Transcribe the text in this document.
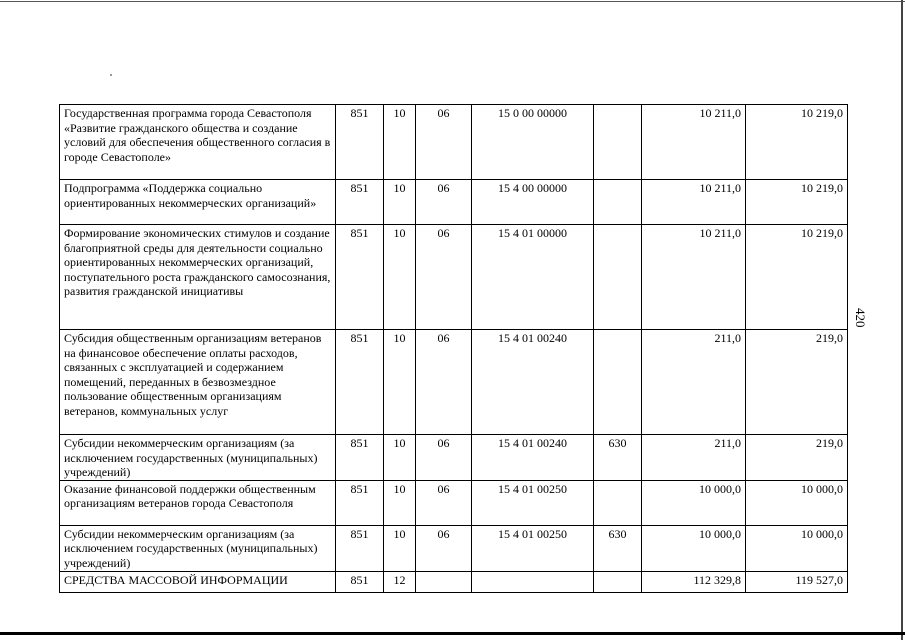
Государственная программа города Севастополя «Развитие гражданского общества и создание условий для обеспечения общественного согласия в городе Севастополе»	851	10	06	15 0 00 00000		10 211,0	10 219,0
Подпрограмма «Поддержка социально ориентированных некоммерческих организаций»	851	10	06	15 4 00 00000		10 211,0	10 219,0
Формирование экономических стимулов и создание благоприятной среды для деятельности социально ориентированных некоммерческих организаций, поступательного роста гражданского самосознания, развития гражданской инициативы	851	10	06	15 4 01 00000		10 211,0	10 219,0
Субсидия общественным организациям ветеранов на финансовое обеспечение оплаты расходов, связанных с эксплуатацией и содержанием помещений, переданных в безвозмездное пользование общественным организациям ветеранов, коммунальных услуг	851	10	06	15 4 01 00240		211,0	219,0
Субсидии некоммерческим организациям (за исключением государственных (муниципальных) учреждений)	851	10	06	15 4 01 00240	630	211,0	219,0
Оказание финансовой поддержки общественным организациям ветеранов города Севастополя	851	10	06	15 4 01 00250		10 000,0	10 000,0
Субсидии некоммерческим организациям (за исключением государственных (муниципальных) учреждений)	851	10	06	15 4 01 00250	630	10 000,0	10 000,0
СРЕДСТВА МАССОВОЙ ИНФОРМАЦИИ	851	12				112 329,8	119 527,0
420
